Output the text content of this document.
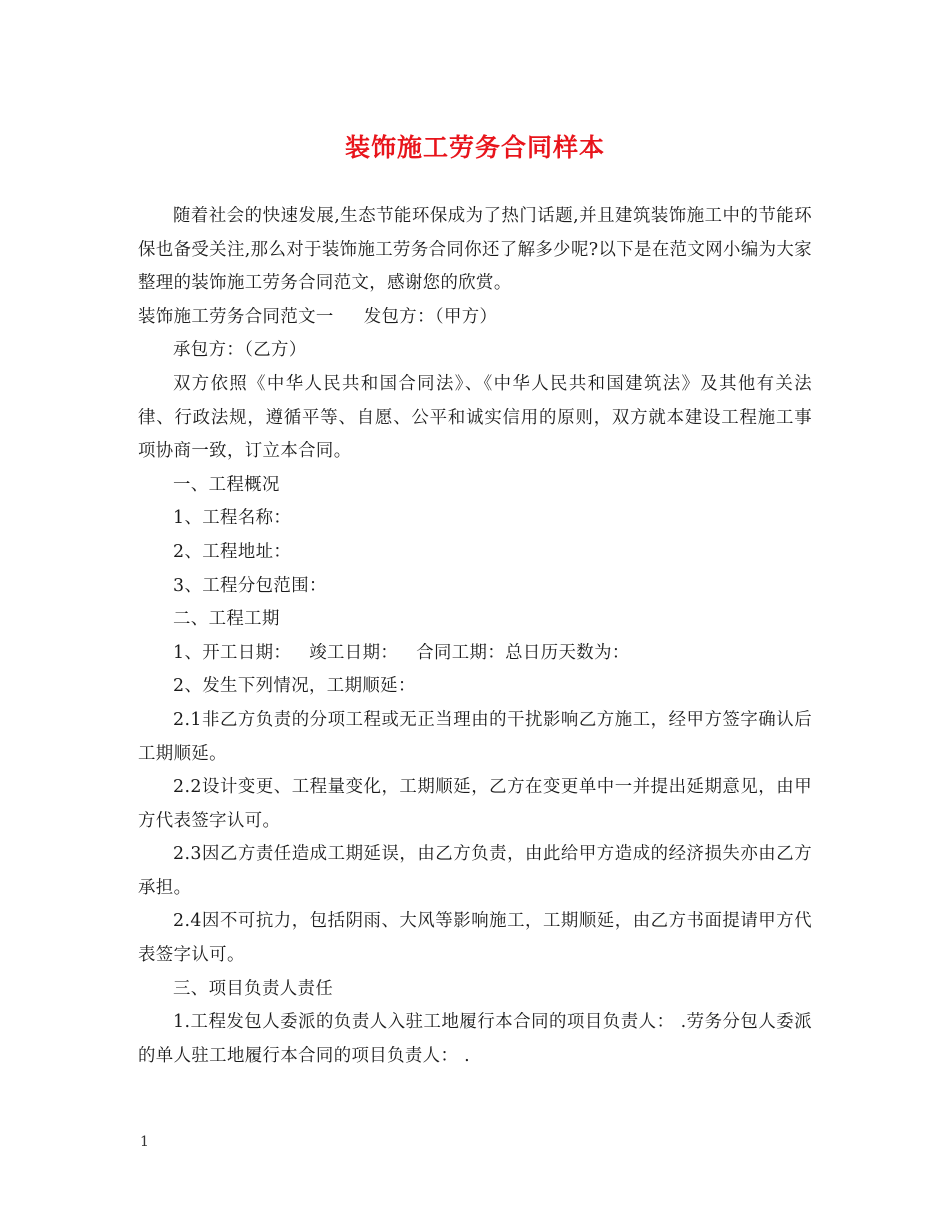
装饰施工劳务合同样本

随着社会的快速发展,生态节能环保成为了热门话题,并且建筑装饰施工中的节能环保也备受关注,那么对于装饰施工劳务合同你还了解多少呢?以下是在范文网小编为大家整理的装饰施工劳务合同范文，感谢您的欣赏。

装饰施工劳务合同范文一 发包方：（甲方）

承包方：（乙方）

双方依照《中华人民共和国合同法》、《中华人民共和国建筑法》及其他有关法律、行政法规，遵循平等、自愿、公平和诚实信用的原则，双方就本建设工程施工事项协商一致，订立本合同。

一、工程概况

1、工程名称：

2、工程地址：

3、工程分包范围：

二、工程工期

1、开工日期： 竣工日期： 合同工期：总日历天数为：

2、发生下列情况，工期顺延：

2.1非乙方负责的分项工程或无正当理由的干扰影响乙方施工，经甲方签字确认后工期顺延。

2.2设计变更、工程量变化，工期顺延，乙方在变更单中一并提出延期意见，由甲方代表签字认可。

2.3因乙方责任造成工期延误，由乙方负责，由此给甲方造成的经济损失亦由乙方承担。

2.4因不可抗力，包括阴雨、大风等影响施工，工期顺延，由乙方书面提请甲方代表签字认可。

三、项目负责人责任

1.工程发包人委派的负责人入驻工地履行本合同的项目负责人： .劳务分包人委派的单人驻工地履行本合同的项目负责人： .

1
